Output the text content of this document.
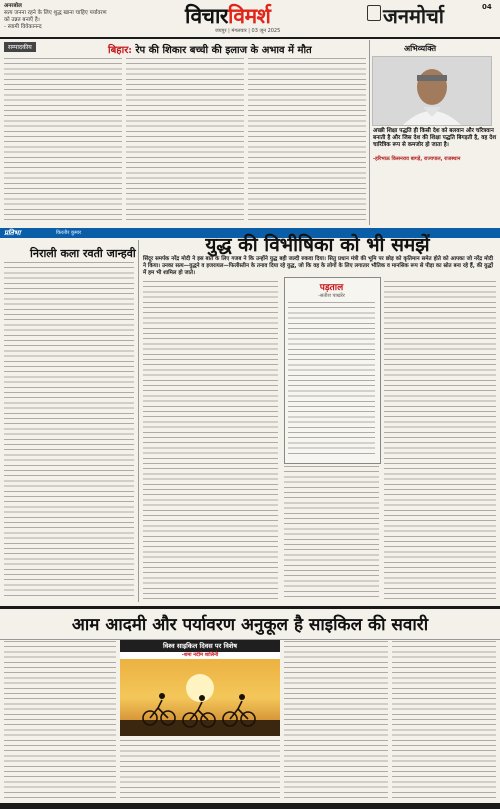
अनरबोल
सत्य जनना रहने के लिए शुद्ध खाना चाहिए पर्यावरण को उन्नत बनाएँ है।
- स्वामी विवेकानन्द	विचारविमर्श
जयपुर | मंगलवार | 03 जून 2025
जनमोर्चा	04
सम्पादकीय	बिहार: रेप की शिकार बच्ची की इलाज के अभाव में मौत	अभिव्यक्ति
अच्छी शिक्षा पद्धति ही किसी देश को बलवान और चरित्रवान बनाती है और जिस देश की शिक्षा पद्धति बिगड़ती है, वह देश चारित्रिक रूप से कमजोर हो जाता है।
-हरिभाऊ किसनराव बागड़े, राज्यपाल, राजस्थान
प्रतिभा	किरतीर कुमार
निराली कला रवती जान्हवी	युद्ध की विभीषिका को भी समझें
सिंदूर समर्पक नरेंद्र मोदी ने इस बात के लिए गजब ने कि उन्होंने युद्ध बही जल्दी रुकवा दिया। सितु प्रधान मंत्री की भूमि पर छोड़ को कृतिमान समेत होते को आपका जो नरेंद्र मोदी ने किया। उनका सत्य—युद्धने व इजरायल—फिलीस्तीन के तनाव दिया रहे युद्ध, जो कि वह के लोगों के लिए लगातार भौतिक व मानसिक रूप से पीड़ा का स्रोत बना रहे हैं, की युद्धों में हम भी शामिल हो जाते।
पड़ताल
-सतीश पाखरेर
आम आदमी और पर्यावरण अनुकूल है साइकिल की सवारी
विश्व साइकिल दिवस पर विशेष
-शमा नदीम शालिनी
